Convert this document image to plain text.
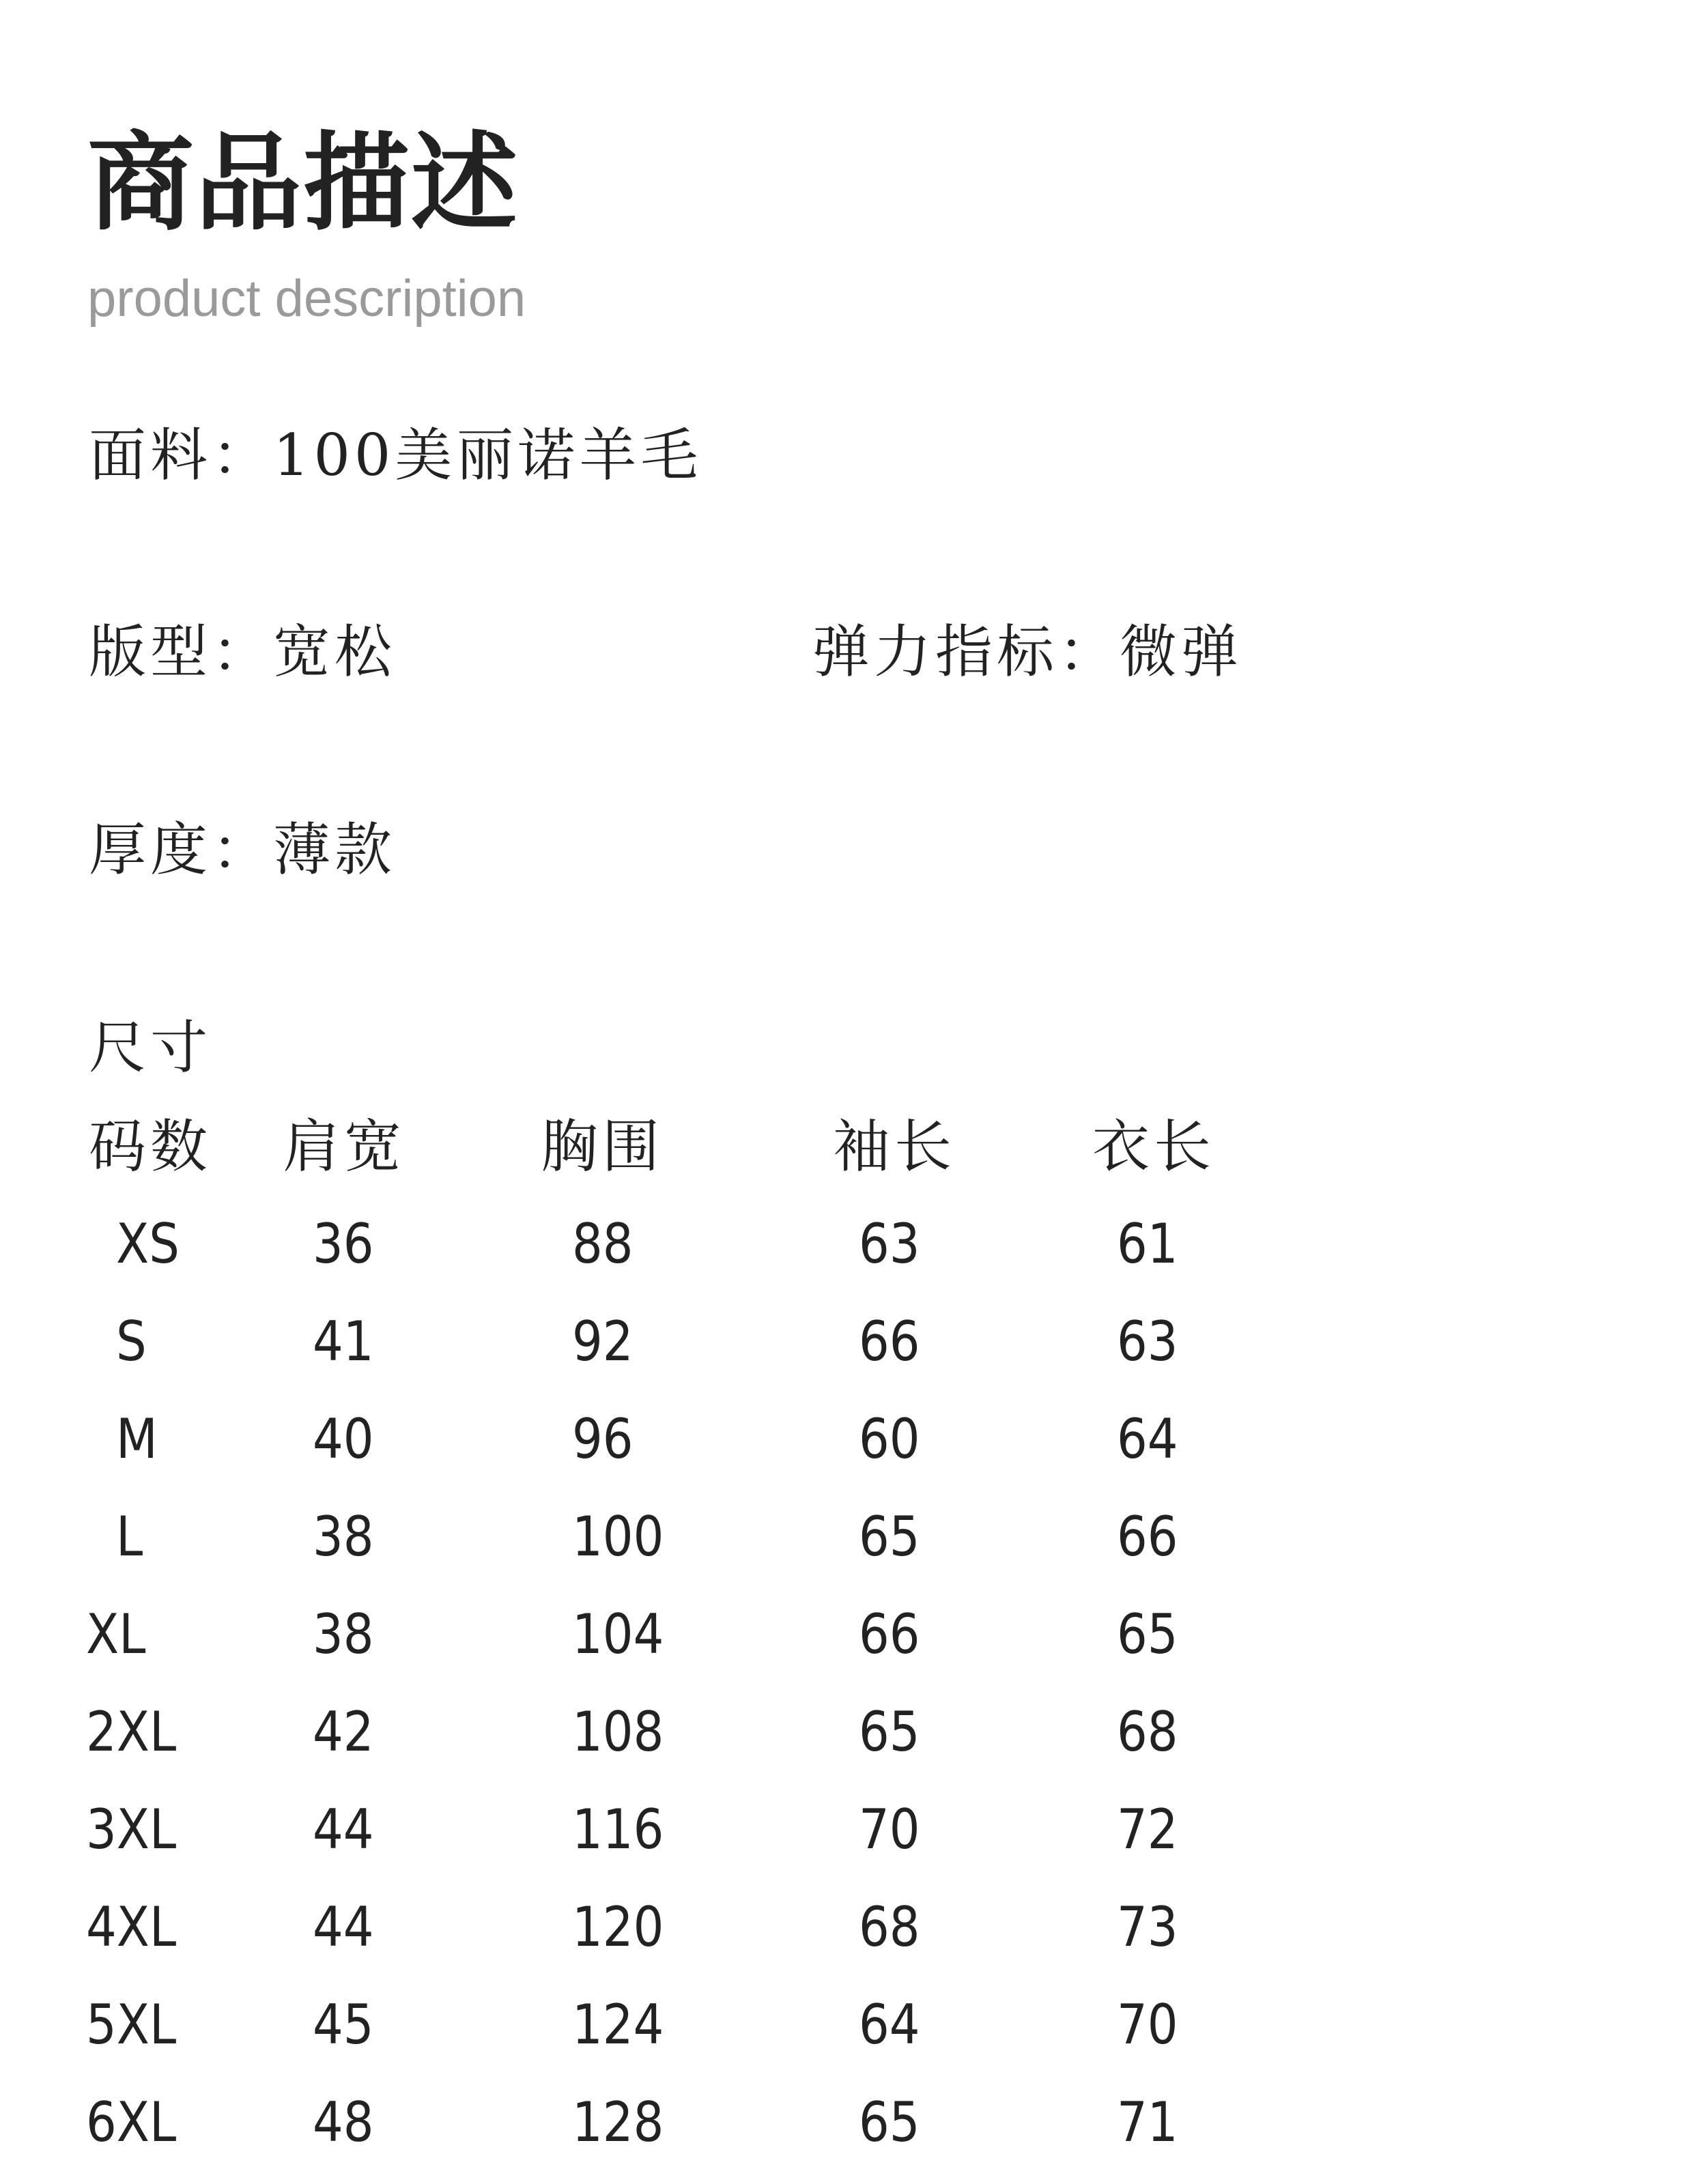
商品描述
product description
面料：100美丽诺羊毛
版型：宽松	弹力指标：微弹
厚度：薄款
尺寸
码数 肩宽 胸围	袖长 衣长
XS 36	88	63	61
S	41	92	66	63
M	40	96	60	64
L	38	100	65	66
XL	38	104	66	65
2XL 42	108	65	68
3XL 44	116	70	72
4XL 44	120	68	73
5XL 45	124	64	70
6XL 48	128	65	71
